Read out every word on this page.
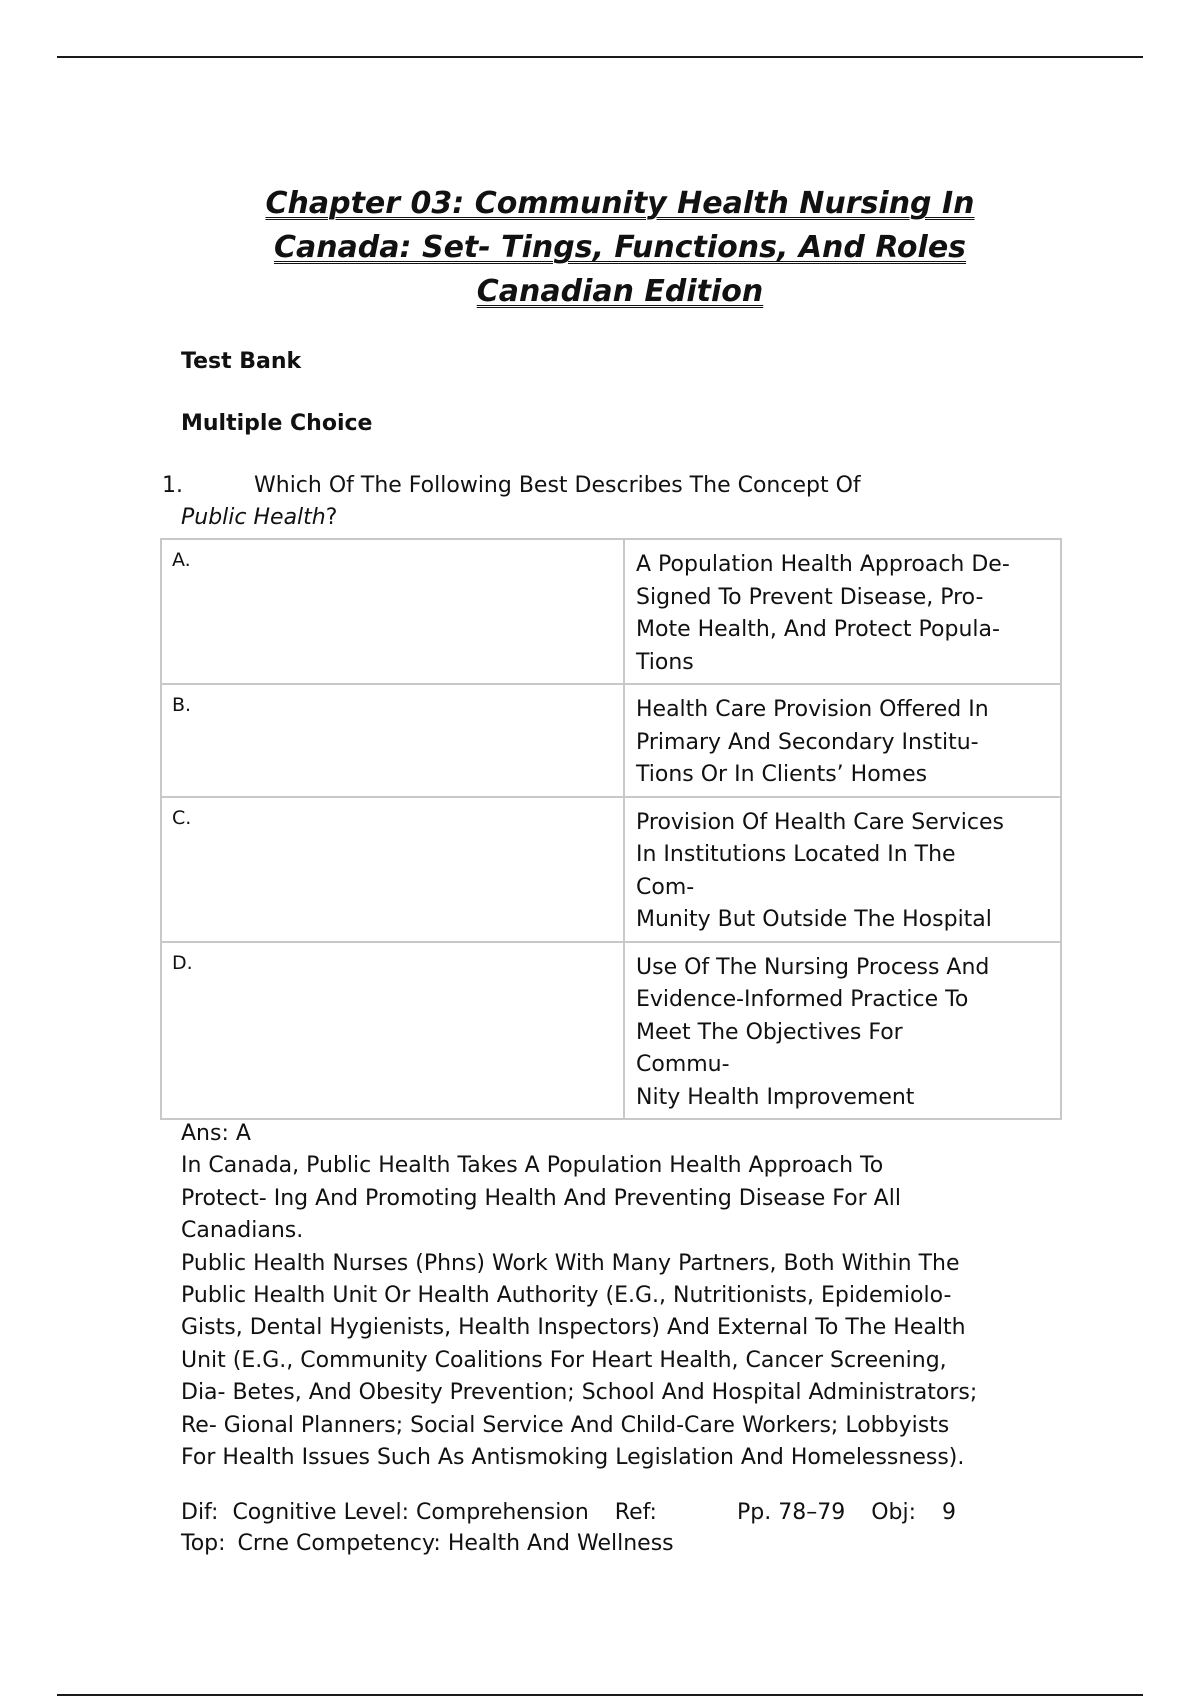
Chapter 03: Community Health Nursing In
Canada: Set- Tings, Functions, And Roles
Canadian Edition
Test Bank
Multiple Choice
1.	Which Of The Following Best Describes The Concept Of
Public Health?
A.	A Population Health Approach De-
Signed To Prevent Disease, Pro-
Mote Health, And Protect Popula-
Tions

B.	Health Care Provision Offered In
Primary And Secondary Institu-
Tions Or In Clients’ Homes

C.	Provision Of Health Care Services
In Institutions Located In The
Com-
Munity But Outside The Hospital

D.	Use Of The Nursing Process And
Evidence-Informed Practice To
Meet The Objectives For
Commu-
Nity Health Improvement
Ans: A
In Canada, Public Health Takes A Population Health Approach To
Protect- Ing And Promoting Health And Preventing Disease For All
Canadians.
Public Health Nurses (Phns) Work With Many Partners, Both Within The
Public Health Unit Or Health Authority (E.G., Nutritionists, Epidemiolo-
Gists, Dental Hygienists, Health Inspectors) And External To The Health
Unit (E.G., Community Coalitions For Heart Health, Cancer Screening,
Dia- Betes, And Obesity Prevention; School And Hospital Administrators;
Re- Gional Planners; Social Service And Child-Care Workers; Lobbyists
For Health Issues Such As Antismoking Legislation And Homelessness).
Dif: Cognitive Level: Comprehension Ref:	Pp. 78–79 Obj: 9
Top: Crne Competency: Health And Wellness
